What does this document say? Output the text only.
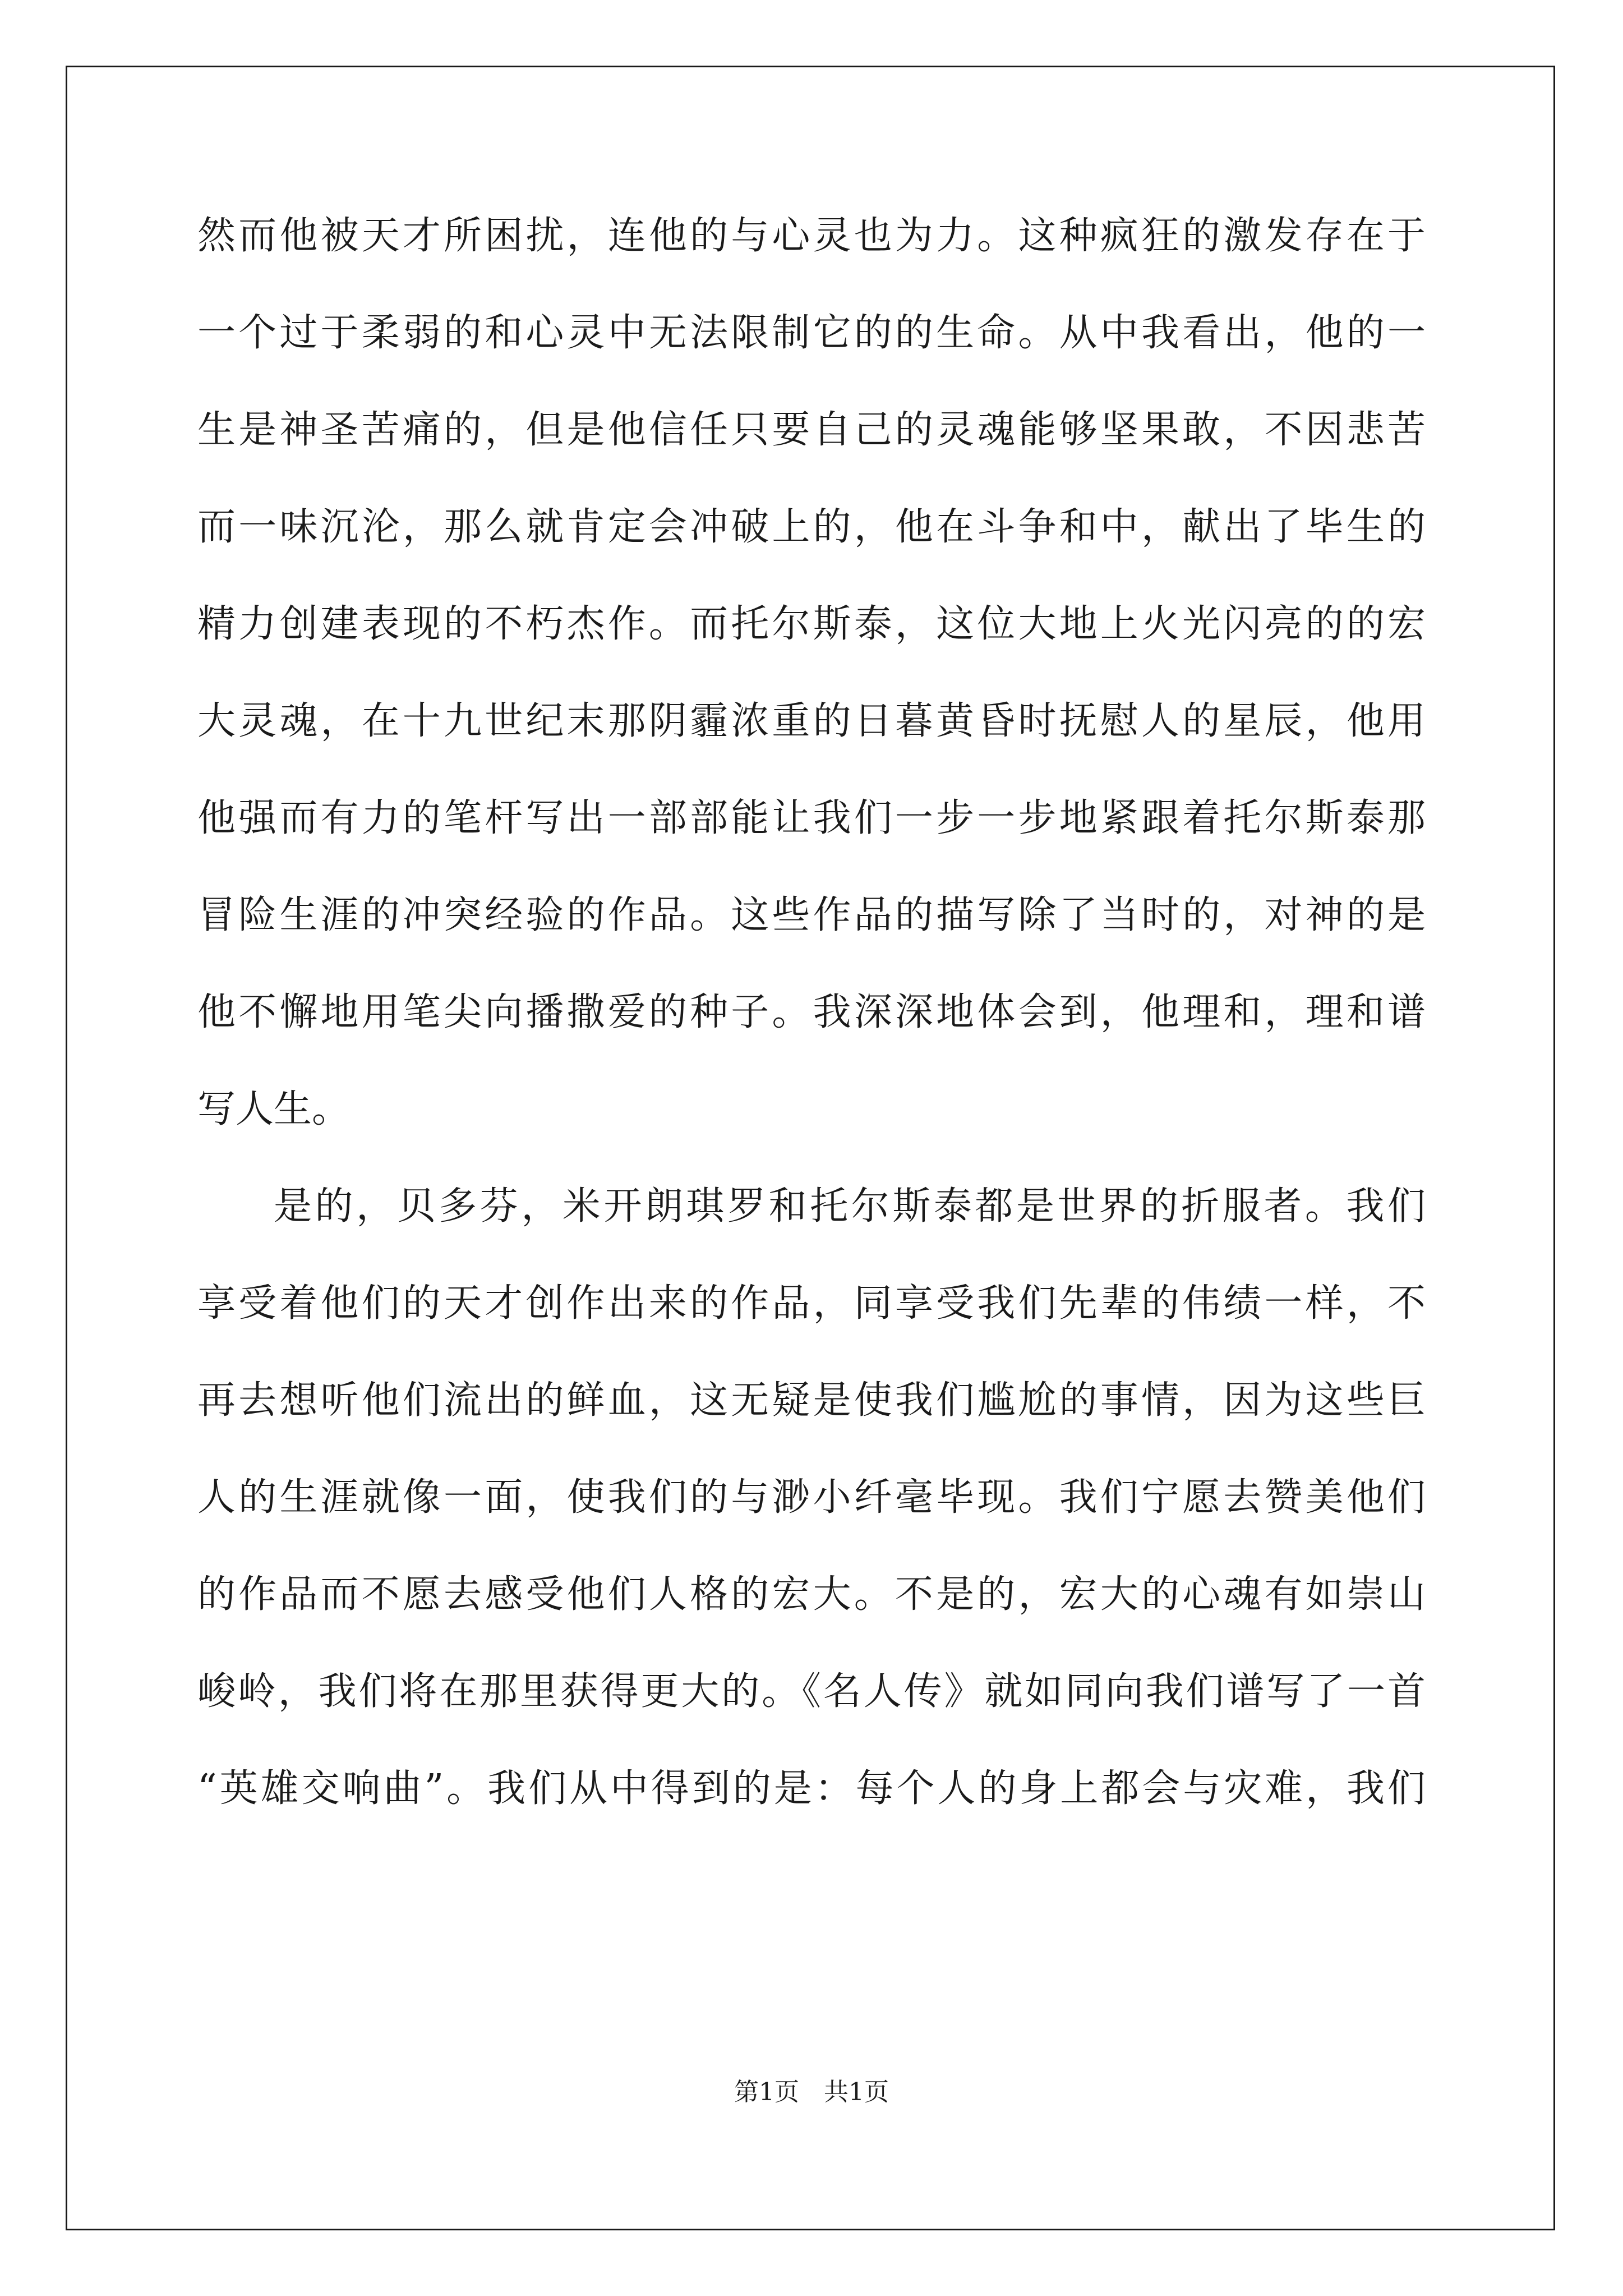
然而他被天才所困扰，连他的与心灵也为力。这种疯狂的激发存在于
一个过于柔弱的和心灵中无法限制它的的生命。从中我看出，他的一
生是神圣苦痛的，但是他信任只要自己的灵魂能够坚果敢，不因悲苦
而一味沉沦，那么就肯定会冲破上的，他在斗争和中，献出了毕生的
精力创建表现的不朽杰作。而托尔斯泰，这位大地上火光闪亮的的宏
大灵魂，在十九世纪末那阴霾浓重的日暮黄昏时抚慰人的星辰，他用
他强而有力的笔杆写出一部部能让我们一步一步地紧跟着托尔斯泰那
冒险生涯的冲突经验的作品。这些作品的描写除了当时的，对神的是
他不懈地用笔尖向播撒爱的种子。我深深地体会到，他理和，理和谱
写人生。
是的，贝多芬，米开朗琪罗和托尔斯泰都是世界的折服者。我们
享受着他们的天才创作出来的作品，同享受我们先辈的伟绩一样，不
再去想听他们流出的鲜血，这无疑是使我们尴尬的事情，因为这些巨
人的生涯就像一面，使我们的与渺小纤毫毕现。我们宁愿去赞美他们
的作品而不愿去感受他们人格的宏大。不是的，宏大的心魂有如崇山
峻岭，我们将在那里获得更大的。《名人传》就如同向我们谱写了一首
“英雄交响曲”。我们从中得到的是：每个人的身上都会与灾难，我们
第1页　共1页
